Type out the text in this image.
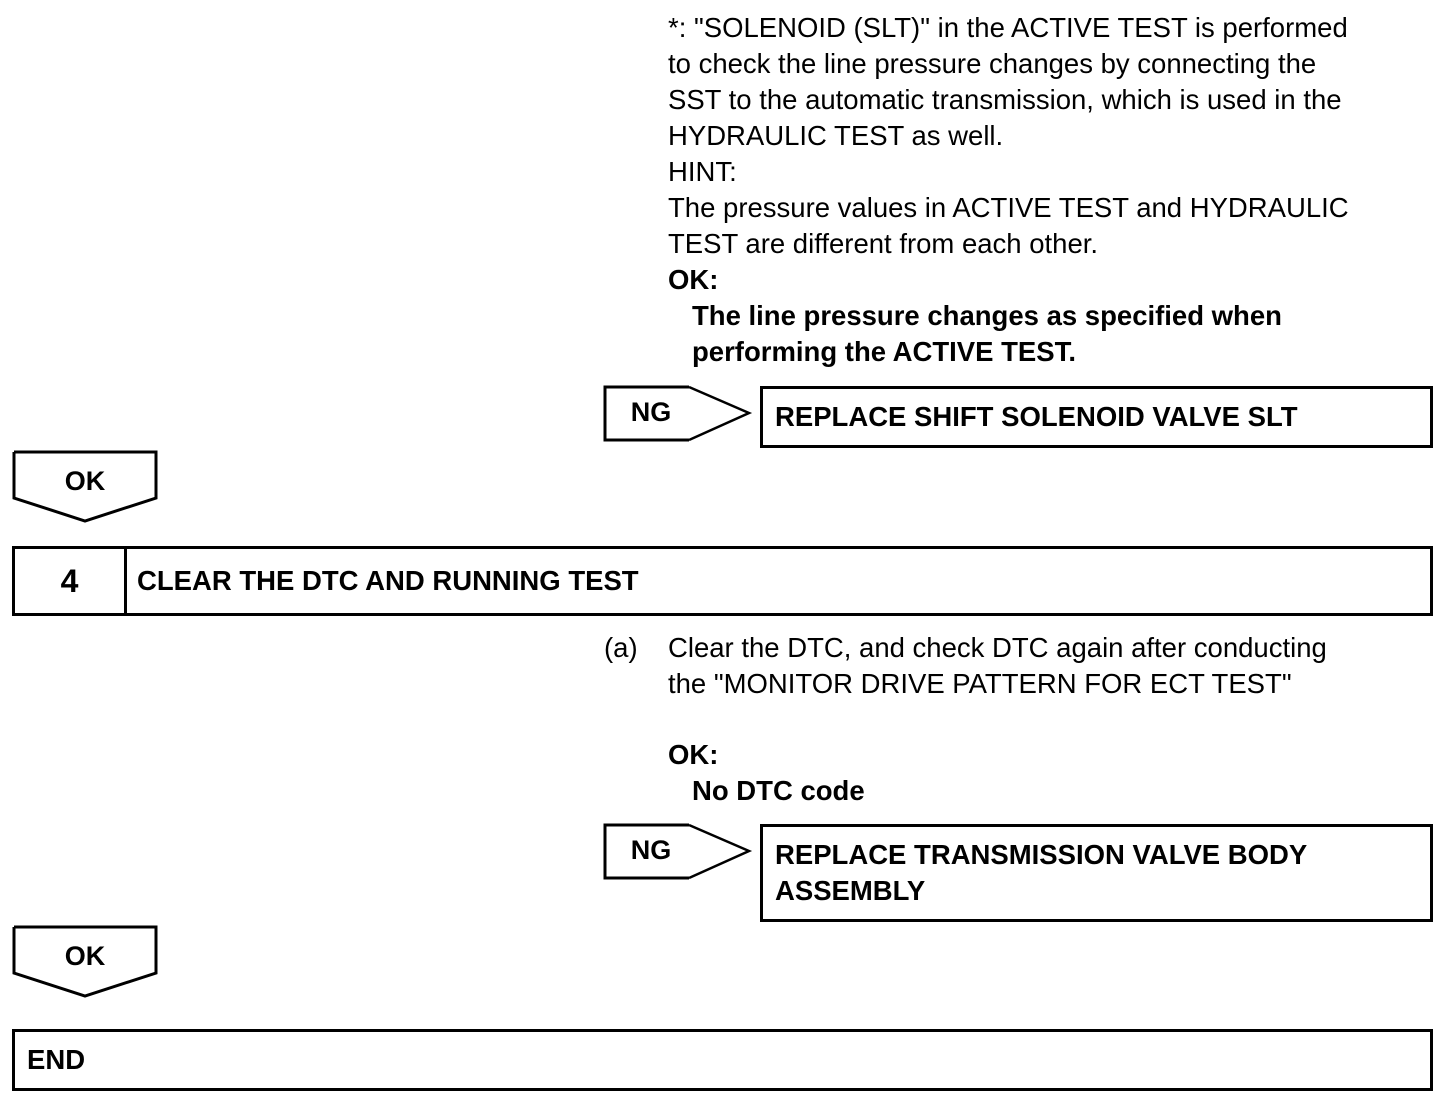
*: "SOLENOID (SLT)" in the ACTIVE TEST is performed
to check the line pressure changes by connecting the
SST to the automatic transmission, which is used in the
HYDRAULIC TEST as well.
HINT:
The pressure values in ACTIVE TEST and HYDRAULIC
TEST are different from each other.
OK:
The line pressure changes as specified when
performing the ACTIVE TEST.
NG	REPLACE SHIFT SOLENOID VALVE SLT
OK
4	CLEAR THE DTC AND RUNNING TEST
(a) Clear the DTC, and check DTC again after conducting
the "MONITOR DRIVE PATTERN FOR ECT TEST"
OK:
No DTC code
NG	REPLACE TRANSMISSION VALVE BODY
ASSEMBLY
OK
END
